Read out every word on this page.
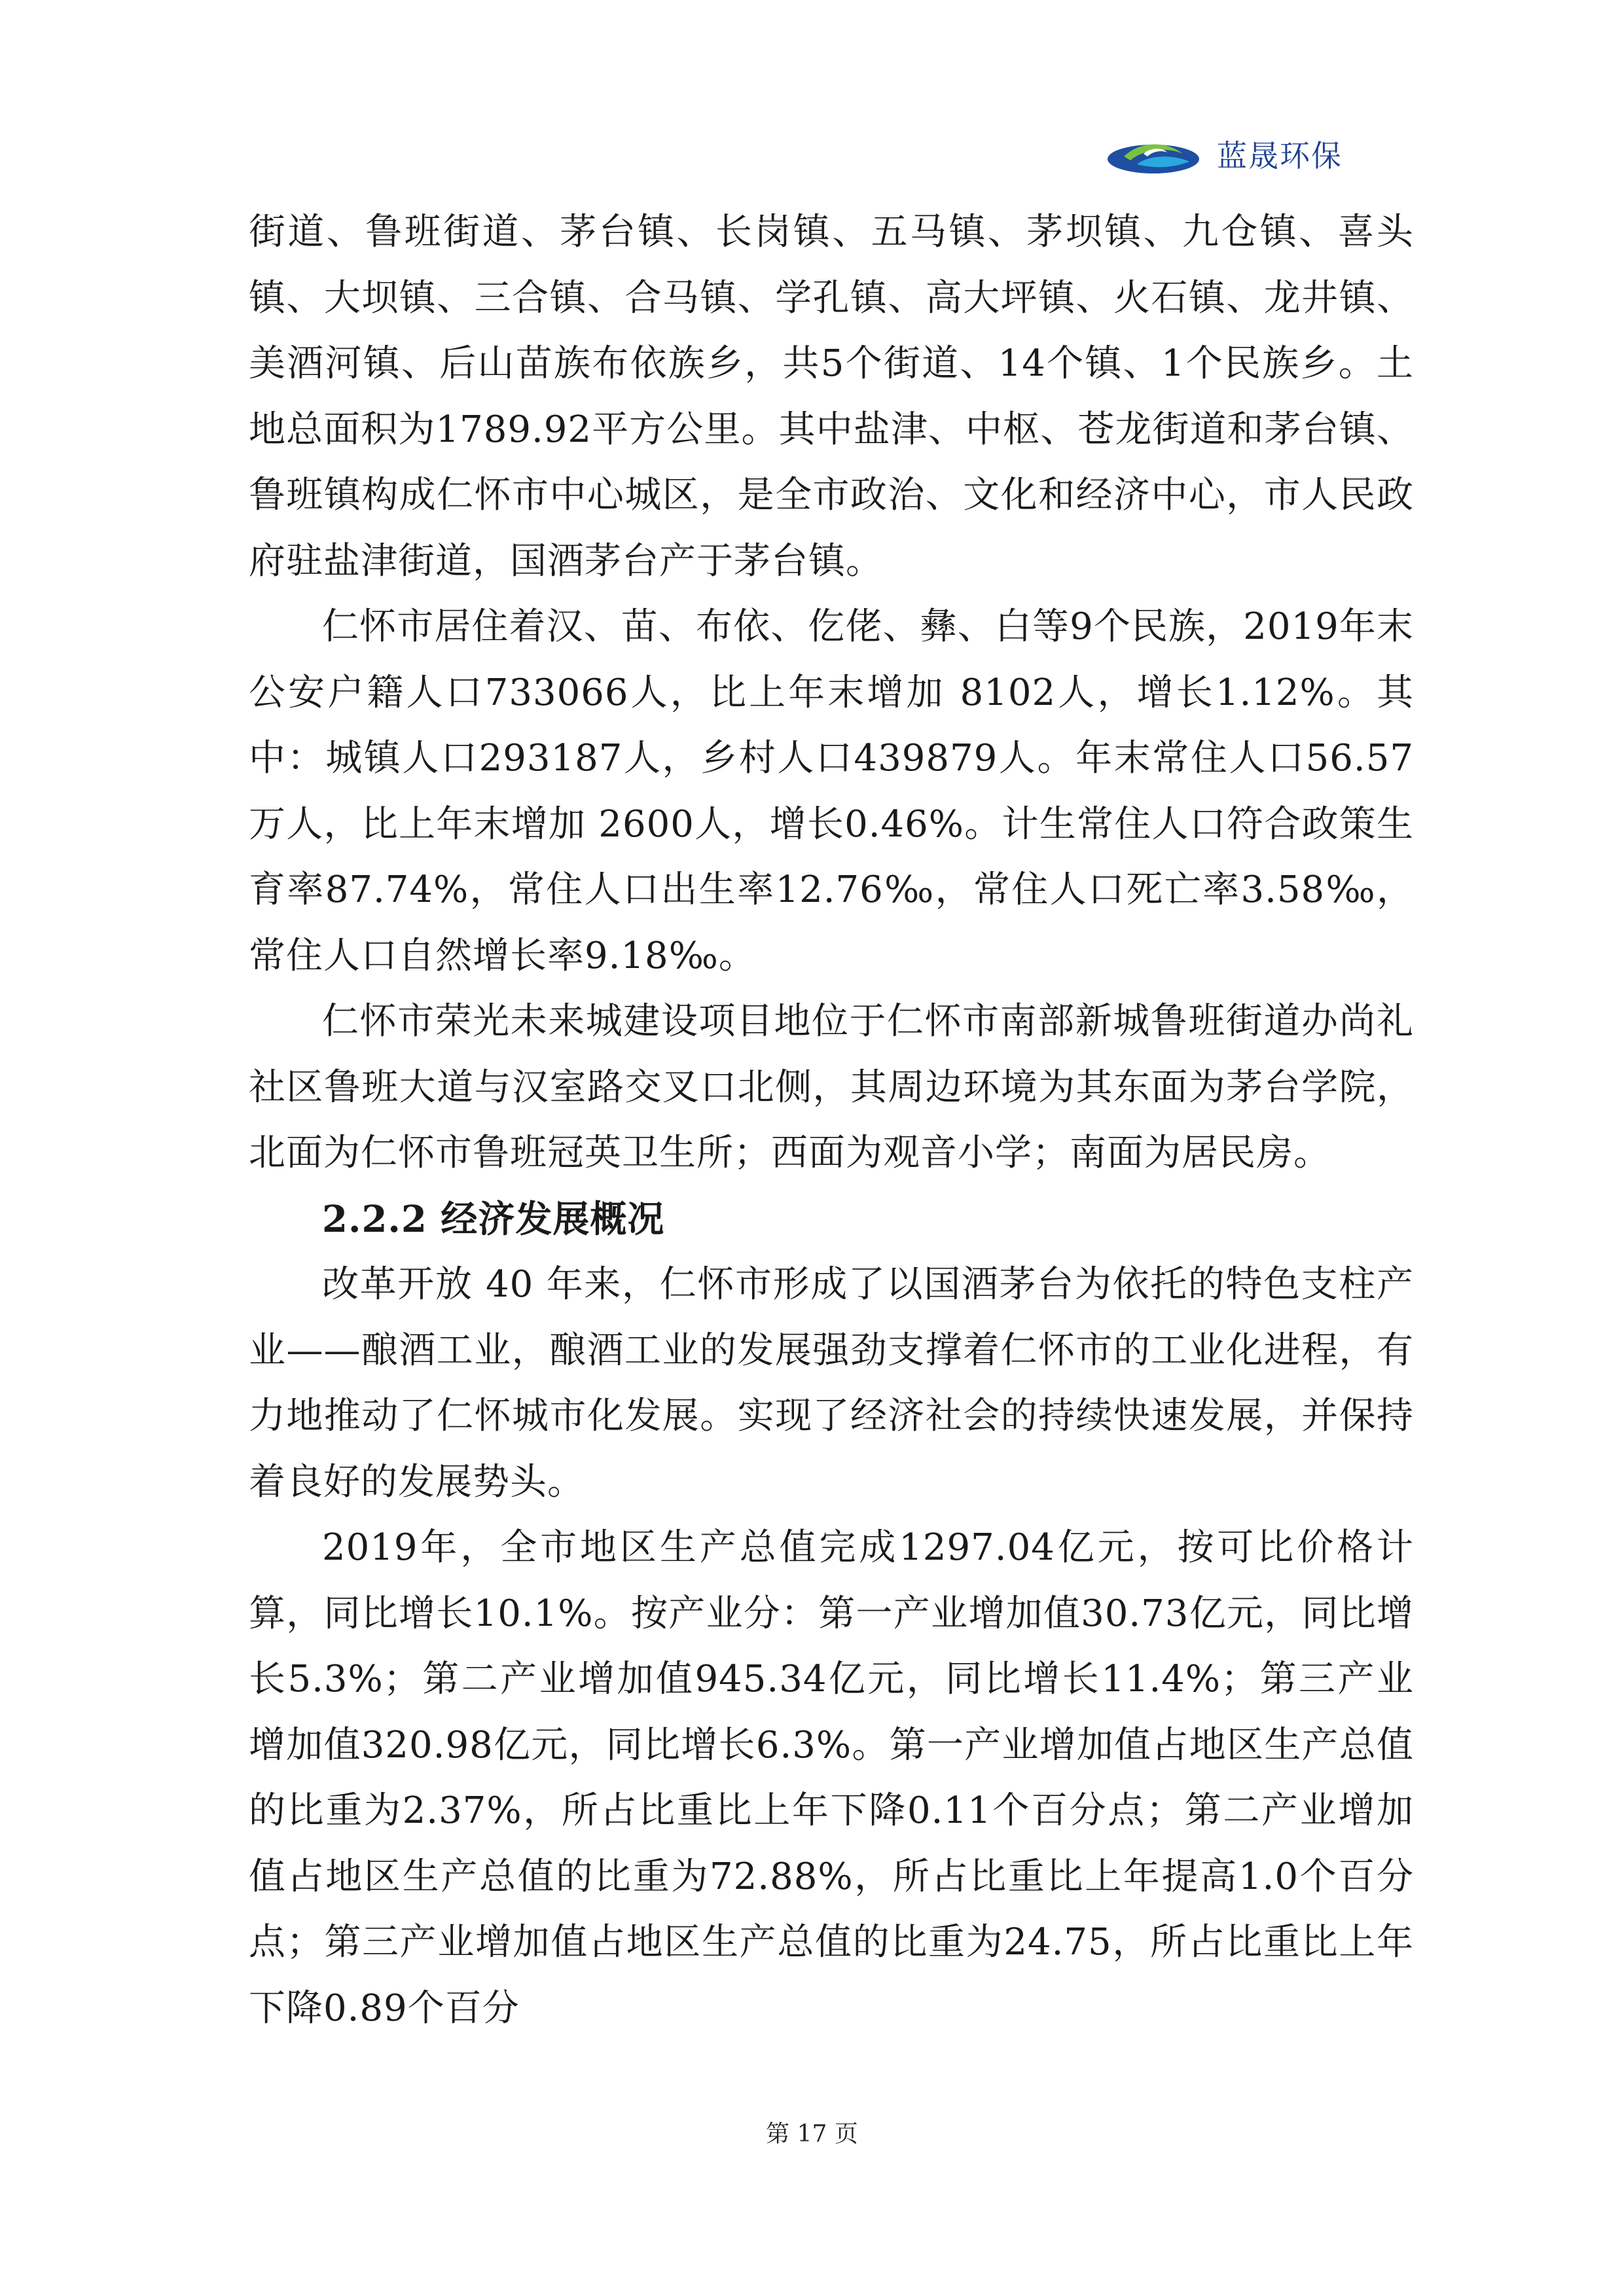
蓝晟环保

街道、鲁班街道、茅台镇、长岗镇、五马镇、茅坝镇、九仓镇、喜头镇、大坝镇、三合镇、合马镇、学孔镇、高大坪镇、火石镇、龙井镇、美酒河镇、后山苗族布依族乡，共5个街道、14个镇、1个民族乡。土地总面积为1789.92平方公里。其中盐津、中枢、苍龙街道和茅台镇、鲁班镇构成仁怀市中心城区，是全市政治、文化和经济中心，市人民政府驻盐津街道，国酒茅台产于茅台镇。

仁怀市居住着汉、苗、布依、仡佬、彝、白等9个民族，2019年末公安户籍人口733066人，比上年末增加 8102人，增长1.12%。其中：城镇人口293187人，乡村人口439879人。年末常住人口56.57万人，比上年末增加 2600人，增长0.46%。计生常住人口符合政策生育率87.74%，常住人口出生率12.76‰，常住人口死亡率3.58‰，常住人口自然增长率9.18‰。

仁怀市荣光未来城建设项目地位于仁怀市南部新城鲁班街道办尚礼社区鲁班大道与汉室路交叉口北侧，其周边环境为其东面为茅台学院，北面为仁怀市鲁班冠英卫生所；西面为观音小学；南面为居民房。

2.2.2 经济发展概况

改革开放 40 年来，仁怀市形成了以国酒茅台为依托的特色支柱产业——酿酒工业，酿酒工业的发展强劲支撑着仁怀市的工业化进程，有力地推动了仁怀城市化发展。实现了经济社会的持续快速发展，并保持着良好的发展势头。

2019年，全市地区生产总值完成1297.04亿元，按可比价格计算，同比增长10.1%。按产业分：第一产业增加值30.73亿元，同比增长5.3%；第二产业增加值945.34亿元，同比增长11.4%；第三产业增加值320.98亿元，同比增长6.3%。第一产业增加值占地区生产总值的比重为2.37%，所占比重比上年下降0.11个百分点；第二产业增加值占地区生产总值的比重为72.88%，所占比重比上年提高1.0个百分 点；第三产业增加值占地区生产总值的比重为24.75，所占比重比上年下降0.89个百分

第 17 页
